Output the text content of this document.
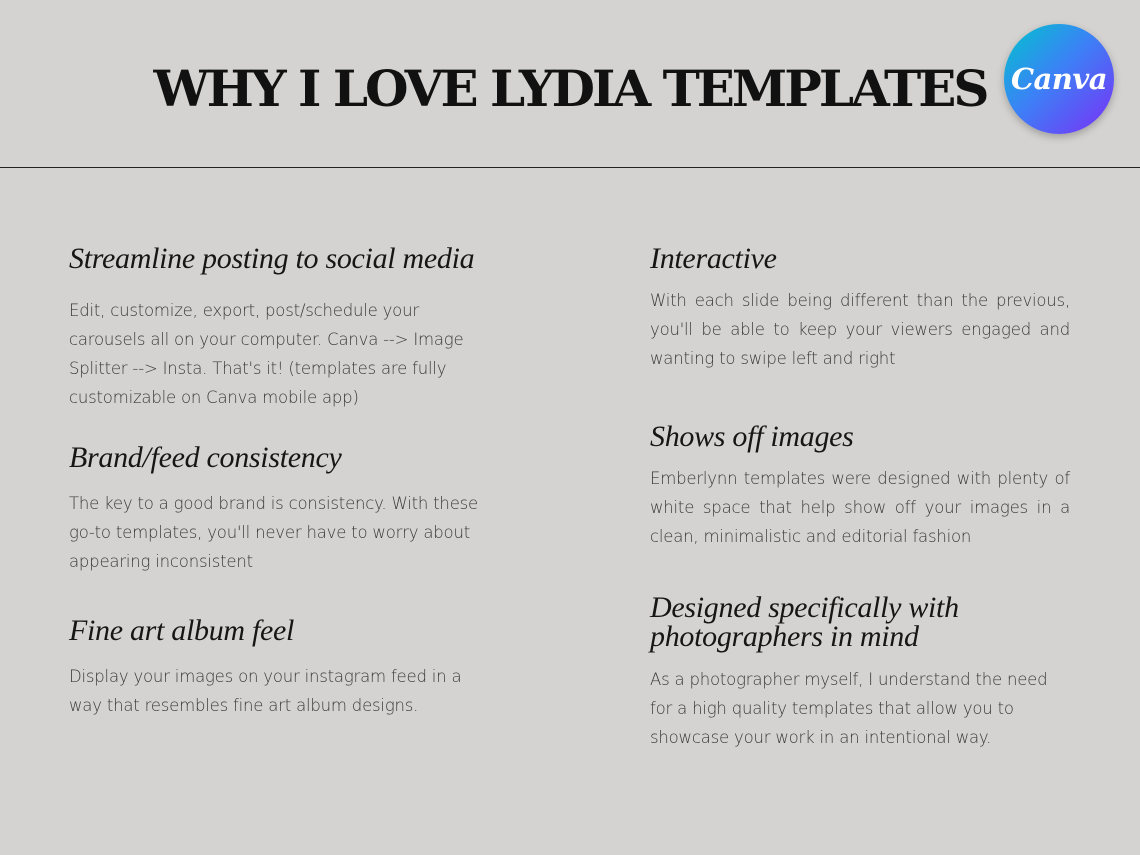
WHY I LOVE LYDIA TEMPLATES Canva
Streamline posting to social media

Edit, customize, export, post/schedule your carousels all on your computer. Canva --> Image Splitter --> Insta. That's it! (templates are fully customizable on Canva mobile app)

Brand/feed consistency

The key to a good brand is consistency. With these go-to templates, you'll never have to worry about appearing inconsistent

Fine art album feel

Display your images on your instagram feed in a way that resembles fine art album designs.

Interactive

With each slide being different than the previous, you'll be able to keep your viewers engaged and wanting to swipe left and right

Shows off images

Emberlynn templates were designed with plenty of white space that help show off your images in a clean, minimalistic and editorial fashion

Designed specifically with photographers in mind

As a photographer myself, I understand the need for a high quality templates that allow you to showcase your work in an intentional way.
